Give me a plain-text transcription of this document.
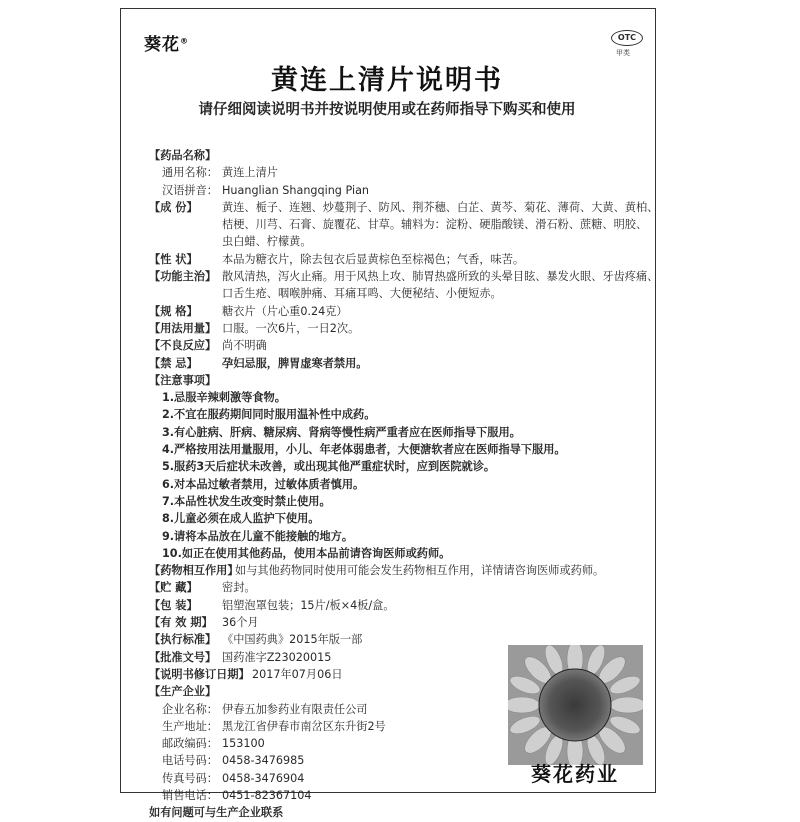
葵花®	OTC
甲类
黄连上清片说明书
请仔细阅读说明书并按说明使用或在药师指导下购买和使用
【药品名称】
通用名称： 黄连上清片
汉语拼音： Huanglian Shangqing Pian
【成 份】 黄连、栀子、连翘、炒蔓荆子、防风、荆芥穗、白芷、黄芩、菊花、薄荷、大黄、黄柏、
桔梗、川芎、石膏、旋覆花、甘草。辅料为：淀粉、硬脂酸镁、滑石粉、蔗糖、明胶、
虫白蜡、柠檬黄。
【性 状】 本品为糖衣片，除去包衣后显黄棕色至棕褐色；气香，味苦。
【功能主治】 散风清热，泻火止痛。用于风热上攻、肺胃热盛所致的头晕目眩、暴发火眼、牙齿疼痛、
口舌生疮、咽喉肿痛、耳痛耳鸣、大便秘结、小便短赤。
【规 格】 糖衣片（片心重0.24克）
【用法用量】 口服。一次6片，一日2次。
【不良反应】 尚不明确
【禁 忌】 孕妇忌服，脾胃虚寒者禁用。
【注意事项】
1.忌服辛辣刺激等食物。
2.不宜在服药期间同时服用温补性中成药。
3.有心脏病、肝病、糖尿病、肾病等慢性病严重者应在医师指导下服用。
4.严格按用法用量服用，小儿、年老体弱患者，大便溏软者应在医师指导下服用。
5.服药3天后症状未改善，或出现其他严重症状时，应到医院就诊。
6.对本品过敏者禁用，过敏体质者慎用。
7.本品性状发生改变时禁止使用。
8.儿童必须在成人监护下使用。
9.请将本品放在儿童不能接触的地方。
10.如正在使用其他药品，使用本品前请咨询医师或药师。
【药物相互作用】
如与其他药物同时使用可能会发生药物相互作用，详情请咨询医师或药师。
【贮 藏】 密封。
【包 装】 铝塑泡罩包装；15片/板×4板/盒。
【有 效 期】 36个月
【执行标准】 《中国药典》2015年版一部
【批准文号】 国药准字Z23020015
【说明书修订日期】 2017年07月06日
【生产企业】
企业名称： 伊春五加参药业有限责任公司
生产地址： 黑龙江省伊春市南岔区东升街2号
邮政编码： 153100
电话号码： 0458-3476985
传真号码： 0458-3476904
销售电话： 0451-82367104
如有问题可与生产企业联系
葵花药业
